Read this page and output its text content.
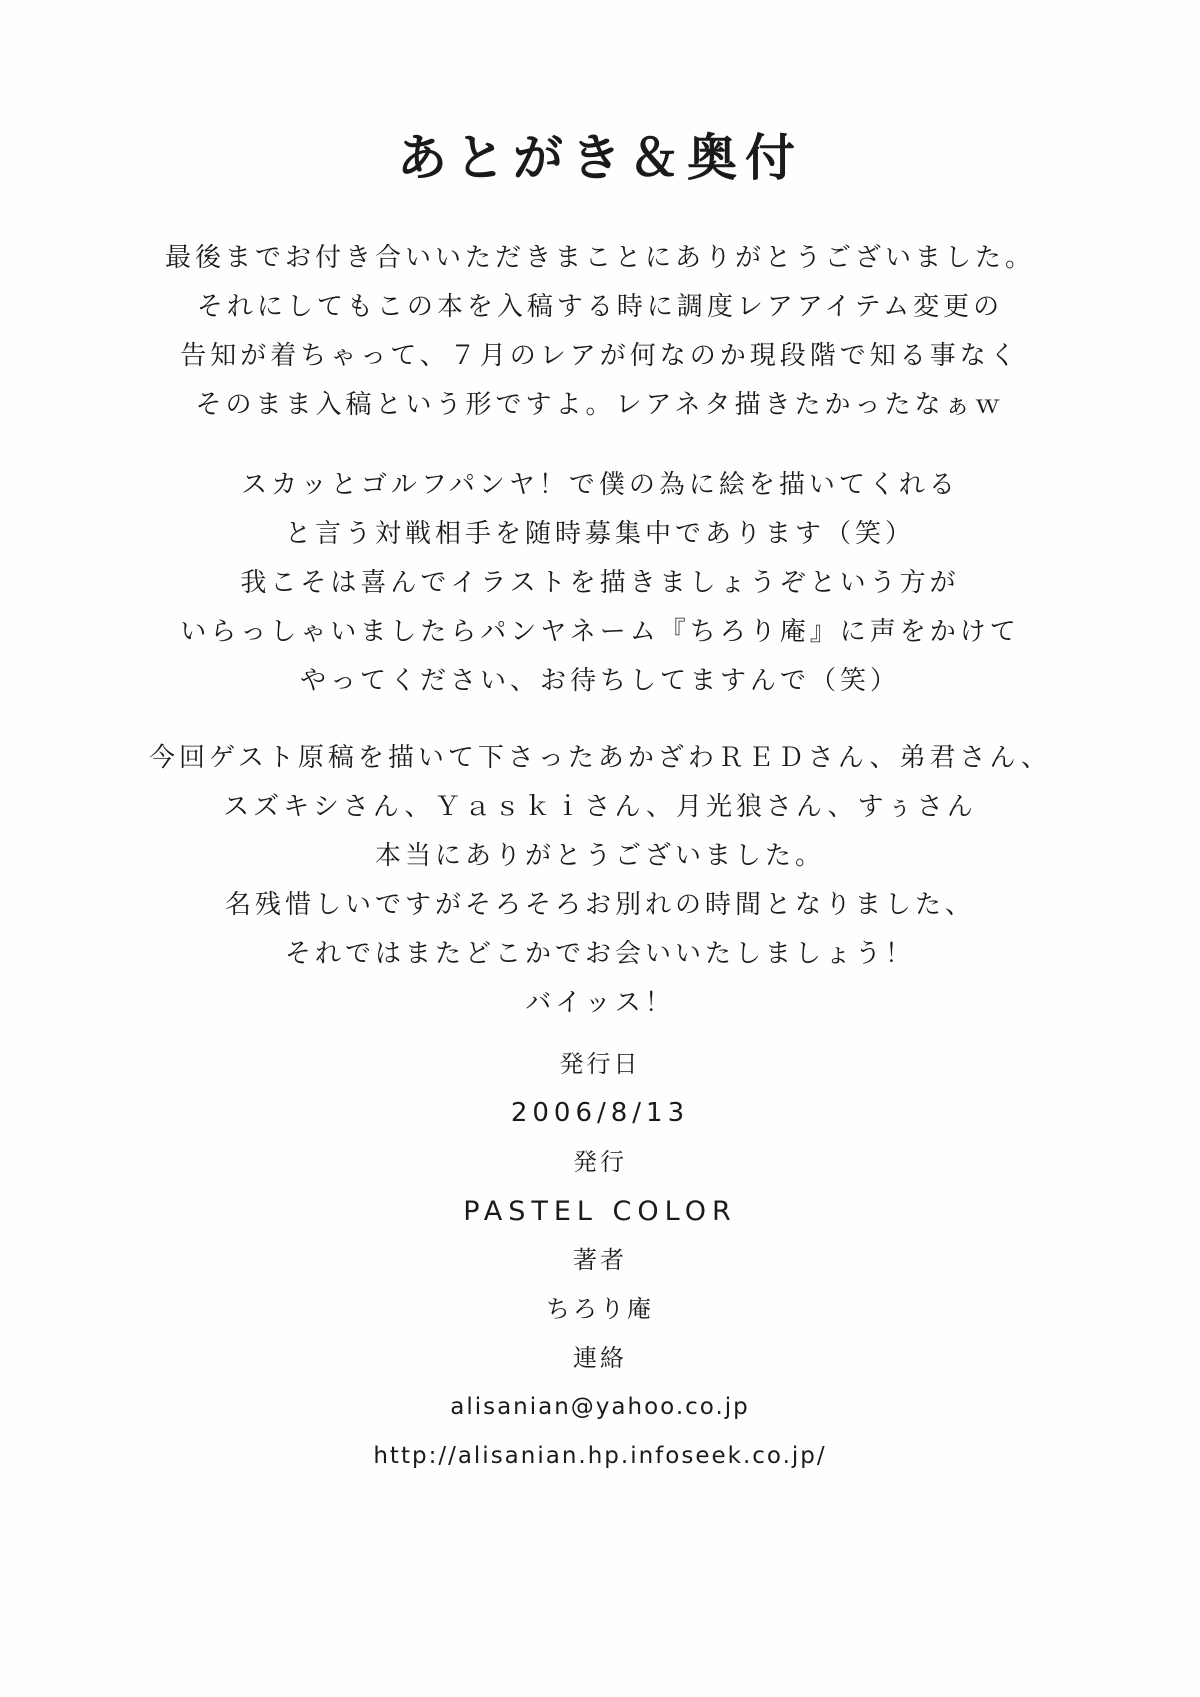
あとがき＆奥付
最後までお付き合いいただきまことにありがとうございました。
それにしてもこの本を入稿する時に調度レアアイテム変更の
告知が着ちゃって、７月のレアが何なのか現段階で知る事なく
そのまま入稿という形ですよ。レアネタ描きたかったなぁｗ
スカッとゴルフパンヤ！で僕の為に絵を描いてくれる
と言う対戦相手を随時募集中であります（笑）
我こそは喜んでイラストを描きましょうぞという方が
いらっしゃいましたらパンヤネーム『ちろり庵』に声をかけて
やってください、お待ちしてますんで（笑）
今回ゲスト原稿を描いて下さったあかざわＲＥＤさん、弟君さん、
スズキシさん、Ｙａｓｋｉさん、月光狼さん、すぅさん
本当にありがとうございました。
名残惜しいですがそろそろお別れの時間となりました、
それではまたどこかでお会いいたしましょう！
バイッス！
発行日
2006/8/13
発行
PASTEL COLOR
著者
ちろり庵
連絡
alisanian@yahoo.co.jp
http://alisanian.hp.infoseek.co.jp/
